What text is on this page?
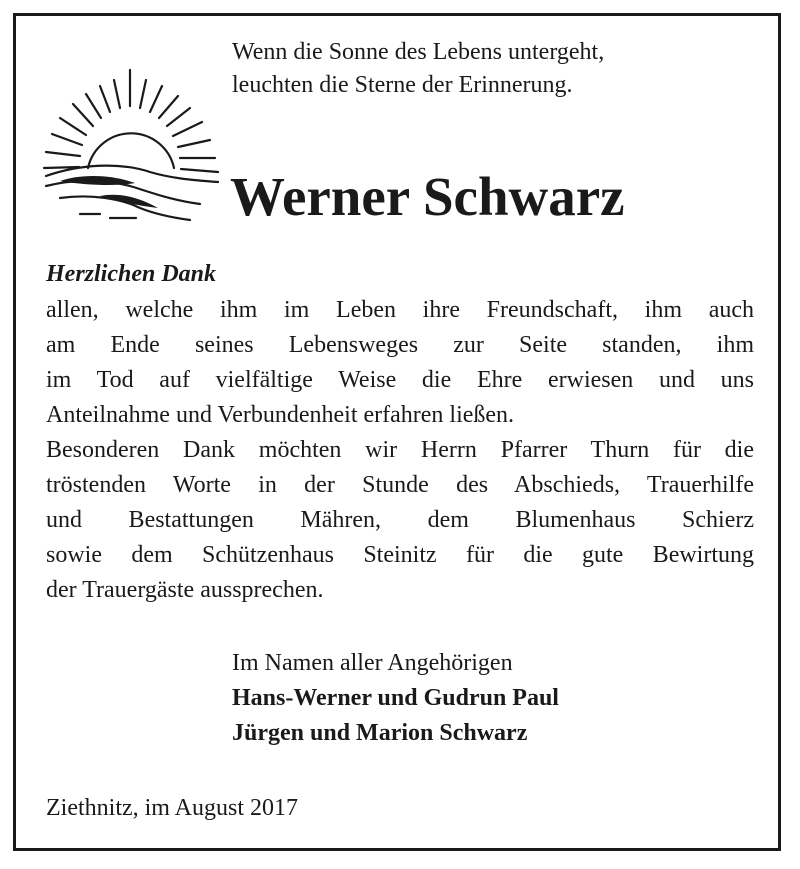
Wenn die Sonne des Lebens untergeht,
leuchten die Sterne der Erinnerung.
Werner Schwarz
Herzlichen Dank
allen, welche ihm im Leben ihre Freundschaft, ihm auch
am Ende seines Lebensweges zur Seite standen, ihm
im Tod auf vielfältige Weise die Ehre erwiesen und uns
Anteilnahme und Verbundenheit erfahren ließen.
Besonderen Dank möchten wir Herrn Pfarrer Thurn für die
tröstenden Worte in der Stunde des Abschieds, Trauerhilfe
und Bestattungen Mähren, dem Blumenhaus Schierz
sowie dem Schützenhaus Steinitz für die gute Bewirtung
der Trauergäste aussprechen.
Im Namen aller Angehörigen
Hans-Werner und Gudrun Paul
Jürgen und Marion Schwarz
Ziethnitz, im August 2017
